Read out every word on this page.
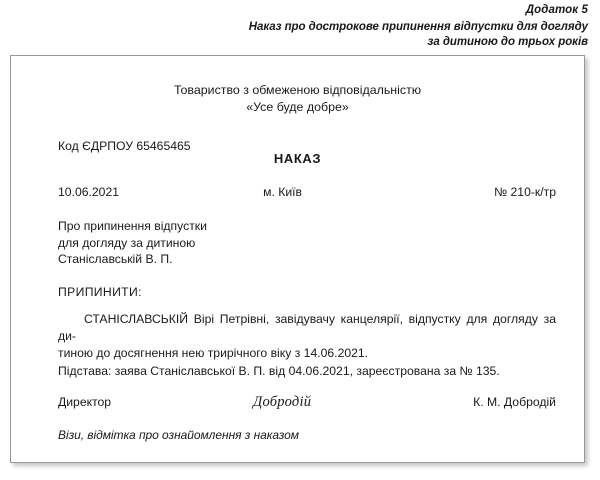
Додаток 5
Наказ про дострокове припинення відпустки для догляду
за дитиною до трьох років
Товариство з обмеженою відповідальністю
«Усе буде добре»
Код ЄДРПОУ 65465465
НАКАЗ
10.06.2021	м. Київ	№ 210-к/тр
Про припинення відпустки
для догляду за дитиною
Станіславській В. П.
ПРИПИНИТИ:
СТАНІСЛАВСЬКІЙ Вірі Петрівні, завідувачу канцелярії, відпустку для догляду за ди-
тиною до досягнення нею трирічного віку з 14.06.2021.
Підстава: заява Станіславської В. П. від 04.06.2021, зареєстрована за № 135.
Директор	Добродій	К. М. Добродій
Візи, відмітка про ознайомлення з наказом
